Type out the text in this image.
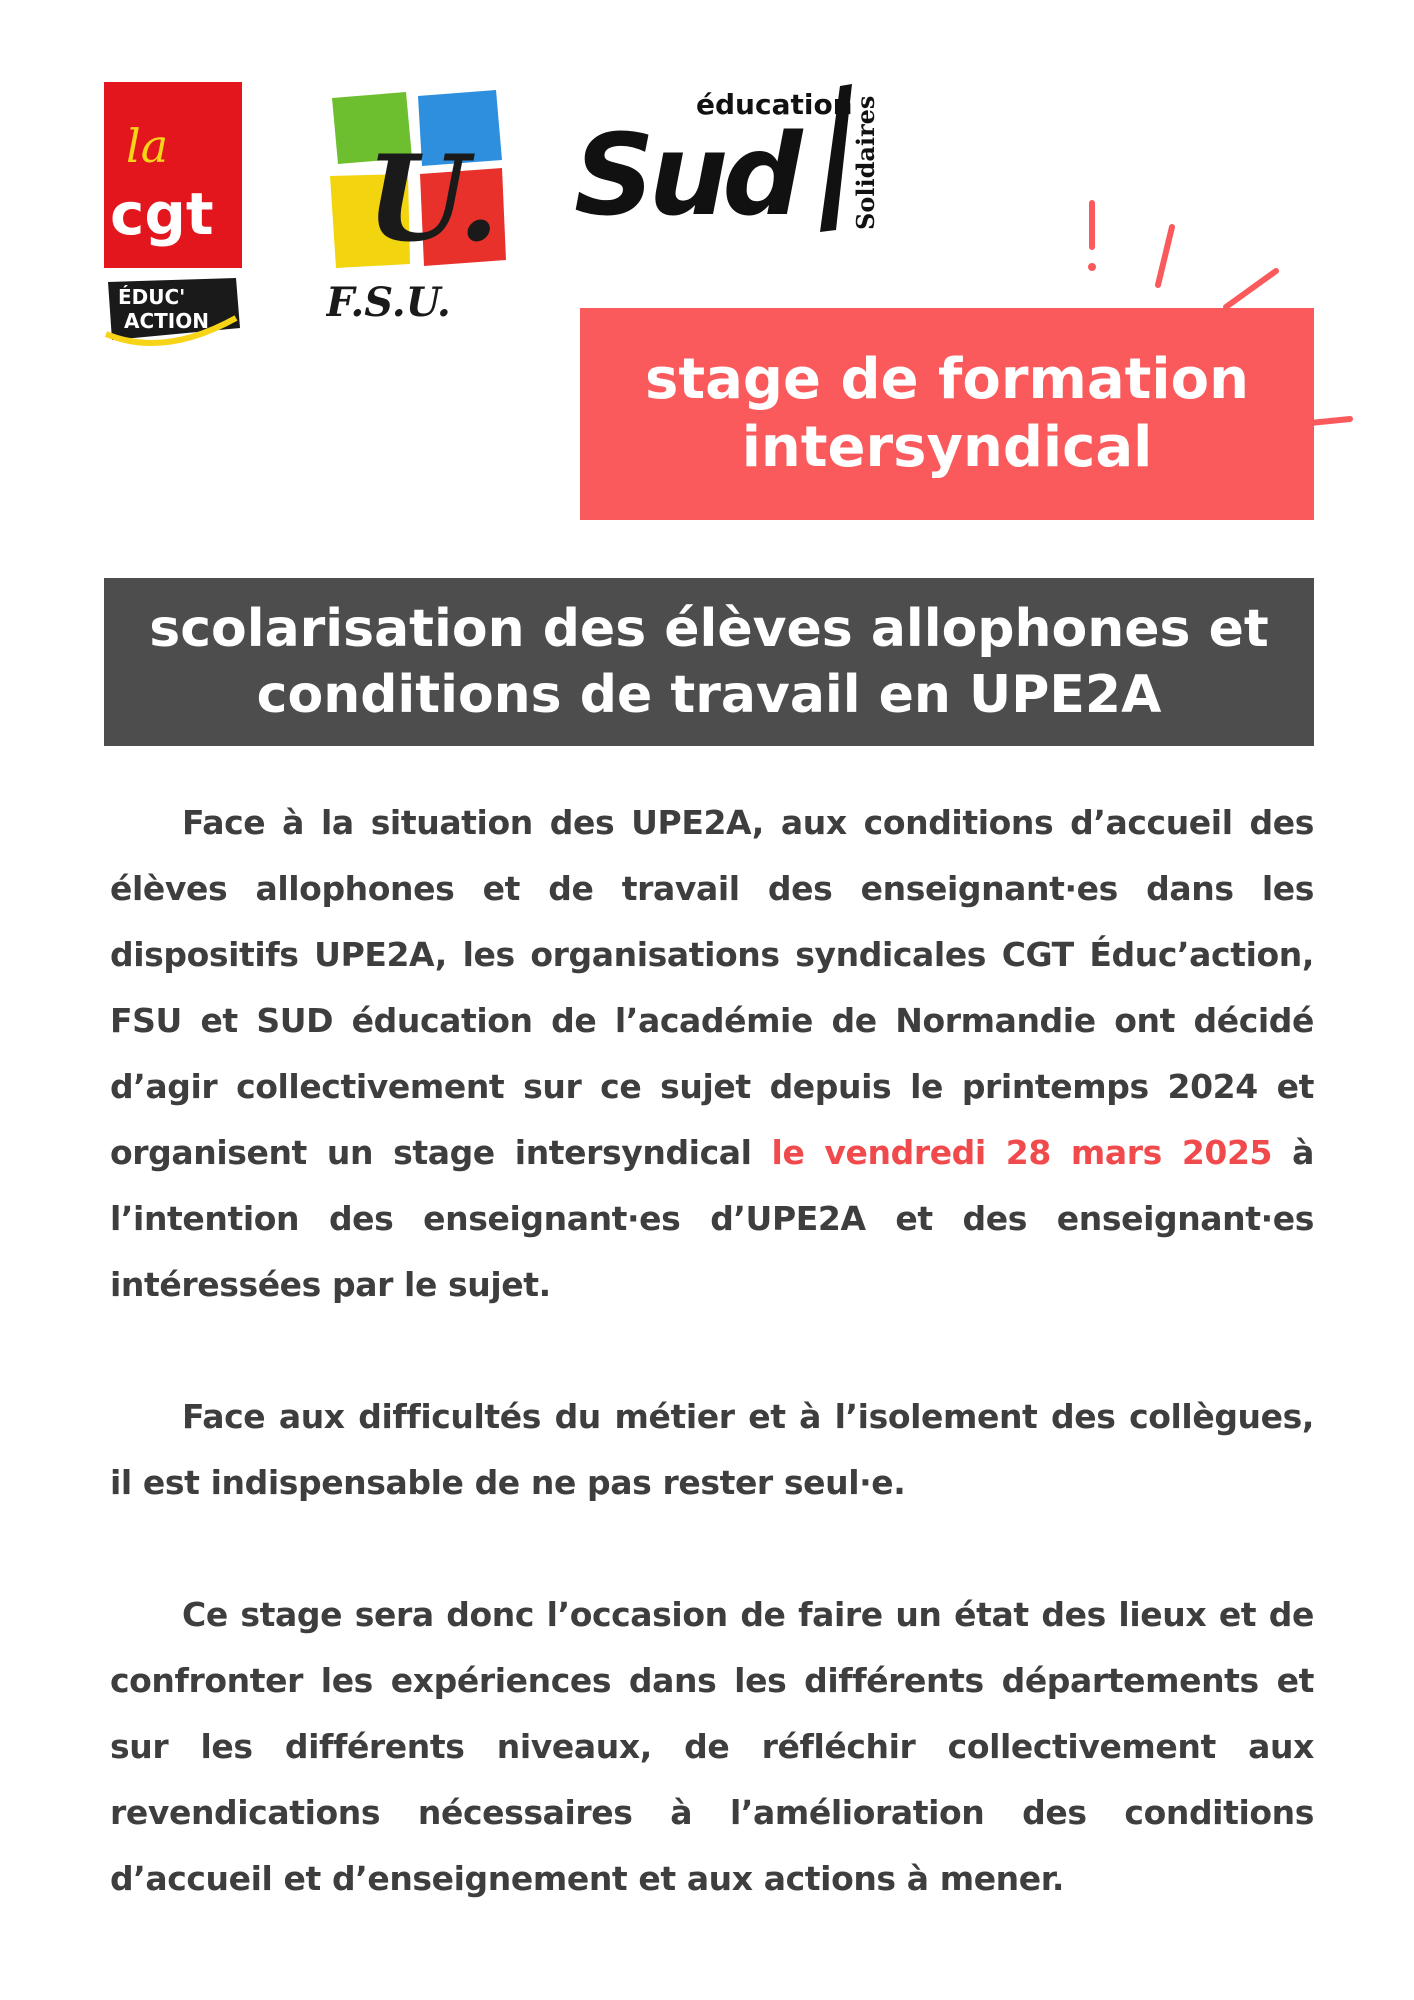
la
cgt
ÉDUC'
ACTION
U.
F.S.U.
éducation
Sud	Solidaires
stage de formation intersyndical
scolarisation des élèves allophones et conditions de travail en UPE2A

Face à la situation des UPE2A, aux conditions d’accueil des élèves allophones et de travail des enseignant·es dans les dispositifs UPE2A, les organisations syndicales CGT Éduc’action, FSU et SUD éducation de l’académie de Normandie ont décidé d’agir collectivement sur ce sujet depuis le printemps 2024 et organisent un stage intersyndical le vendredi 28 mars 2025 à l’intention des enseignant·es d’UPE2A et des enseignant·es intéressées par le sujet.

Face aux difficultés du métier et à l’isolement des collègues, il est indispensable de ne pas rester seul·e.

Ce stage sera donc l’occasion de faire un état des lieux et de confronter les expériences dans les différents départements et sur les différents niveaux, de réfléchir collectivement aux revendications nécessaires à l’amélioration des conditions d’accueil et d’enseignement et aux actions à mener.
